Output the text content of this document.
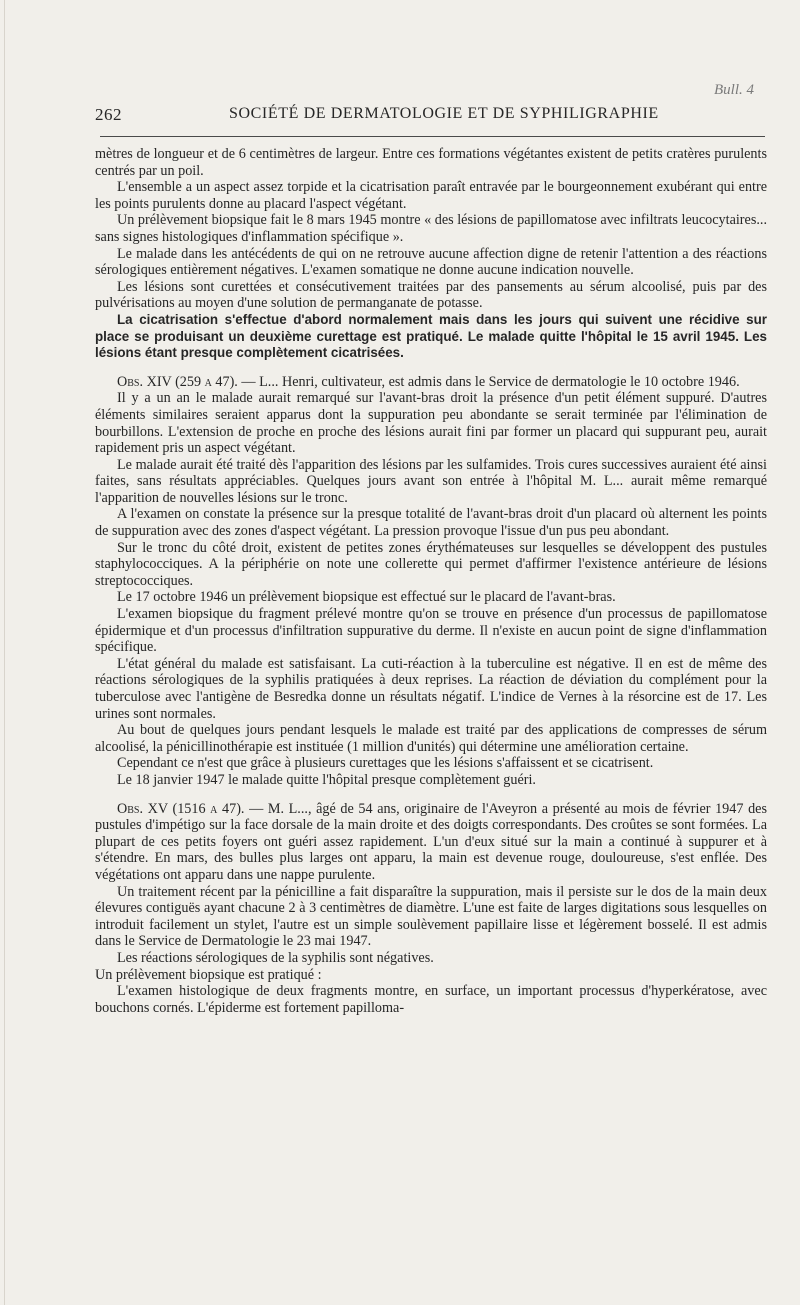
Bull. 4
262	SOCIÉTÉ DE DERMATOLOGIE ET DE SYPHILIGRAPHIE

mètres de longueur et de 6 centimètres de largeur. Entre ces formations végétantes existent de petits cratères purulents centrés par un poil.

L'ensemble a un aspect assez torpide et la cicatrisation paraît entravée par le bourgeonnement exubérant qui entre les points purulents donne au placard l'aspect végétant.

Un prélèvement biopsique fait le 8 mars 1945 montre « des lésions de papillomatose avec infiltrats leucocytaires... sans signes histologiques d'inflammation spécifique ».

Le malade dans les antécédents de qui on ne retrouve aucune affection digne de retenir l'attention a des réactions sérologiques entièrement négatives. L'examen somatique ne donne aucune indication nouvelle.

Les lésions sont curettées et consécutivement traitées par des pansements au sérum alcoolisé, puis par des pulvérisations au moyen d'une solution de permanganate de potasse.

La cicatrisation s'effectue d'abord normalement mais dans les jours qui suivent une récidive sur place se produisant un deuxième curettage est pratiqué. Le malade quitte l'hôpital le 15 avril 1945. Les lésions étant presque complètement cicatrisées.

Obs. XIV (259 a 47). — L... Henri, cultivateur, est admis dans le Service de dermatologie le 10 octobre 1946.

Il y a un an le malade aurait remarqué sur l'avant-bras droit la présence d'un petit élément suppuré. D'autres éléments similaires seraient apparus dont la suppuration peu abondante se serait terminée par l'élimination de bourbillons. L'extension de proche en proche des lésions aurait fini par former un placard qui suppurant peu, aurait rapidement pris un aspect végétant.

Le malade aurait été traité dès l'apparition des lésions par les sulfamides. Trois cures successives auraient été ainsi faites, sans résultats appréciables. Quelques jours avant son entrée à l'hôpital M. L... aurait même remarqué l'apparition de nouvelles lésions sur le tronc.

A l'examen on constate la présence sur la presque totalité de l'avant-bras droit d'un placard où alternent les points de suppuration avec des zones d'aspect végétant. La pression provoque l'issue d'un pus peu abondant.

Sur le tronc du côté droit, existent de petites zones érythémateuses sur lesquelles se développent des pustules staphylococciques. A la périphérie on note une collerette qui permet d'affirmer l'existence antérieure de lésions streptococciques.

Le 17 octobre 1946 un prélèvement biopsique est effectué sur le placard de l'avant-bras.

L'examen biopsique du fragment prélevé montre qu'on se trouve en présence d'un processus de papillomatose épidermique et d'un processus d'infiltration suppurative du derme. Il n'existe en aucun point de signe d'inflammation spécifique.

L'état général du malade est satisfaisant. La cuti-réaction à la tuberculine est négative. Il en est de même des réactions sérologiques de la syphilis pratiquées à deux reprises. La réaction de déviation du complément pour la tuberculose avec l'antigène de Besredka donne un résultats négatif. L'indice de Vernes à la résorcine est de 17. Les urines sont normales.

Au bout de quelques jours pendant lesquels le malade est traité par des applications de compresses de sérum alcoolisé, la pénicillinothérapie est instituée (1 million d'unités) qui détermine une amélioration certaine.

Cependant ce n'est que grâce à plusieurs curettages que les lésions s'affaissent et se cicatrisent.

Le 18 janvier 1947 le malade quitte l'hôpital presque complètement guéri.

Obs. XV (1516 a 47). — M. L..., âgé de 54 ans, originaire de l'Aveyron a présenté au mois de février 1947 des pustules d'impétigo sur la face dorsale de la main droite et des doigts correspondants. Des croûtes se sont formées. La plupart de ces petits foyers ont guéri assez rapidement. L'un d'eux situé sur la main a continué à suppurer et à s'étendre. En mars, des bulles plus larges ont apparu, la main est devenue rouge, douloureuse, s'est enflée. Des végétations ont apparu dans une nappe purulente.

Un traitement récent par la pénicilline a fait disparaître la suppuration, mais il persiste sur le dos de la main deux élevures contiguës ayant chacune 2 à 3 centimètres de diamètre. L'une est faite de larges digitations sous lesquelles on introduit facilement un stylet, l'autre est un simple soulèvement papillaire lisse et légèrement bosselé. Il est admis dans le Service de Dermatologie le 23 mai 1947.

Les réactions sérologiques de la syphilis sont négatives.

Un prélèvement biopsique est pratiqué :

L'examen histologique de deux fragments montre, en surface, un important processus d'hyperkératose, avec bouchons cornés. L'épiderme est fortement papilloma-
